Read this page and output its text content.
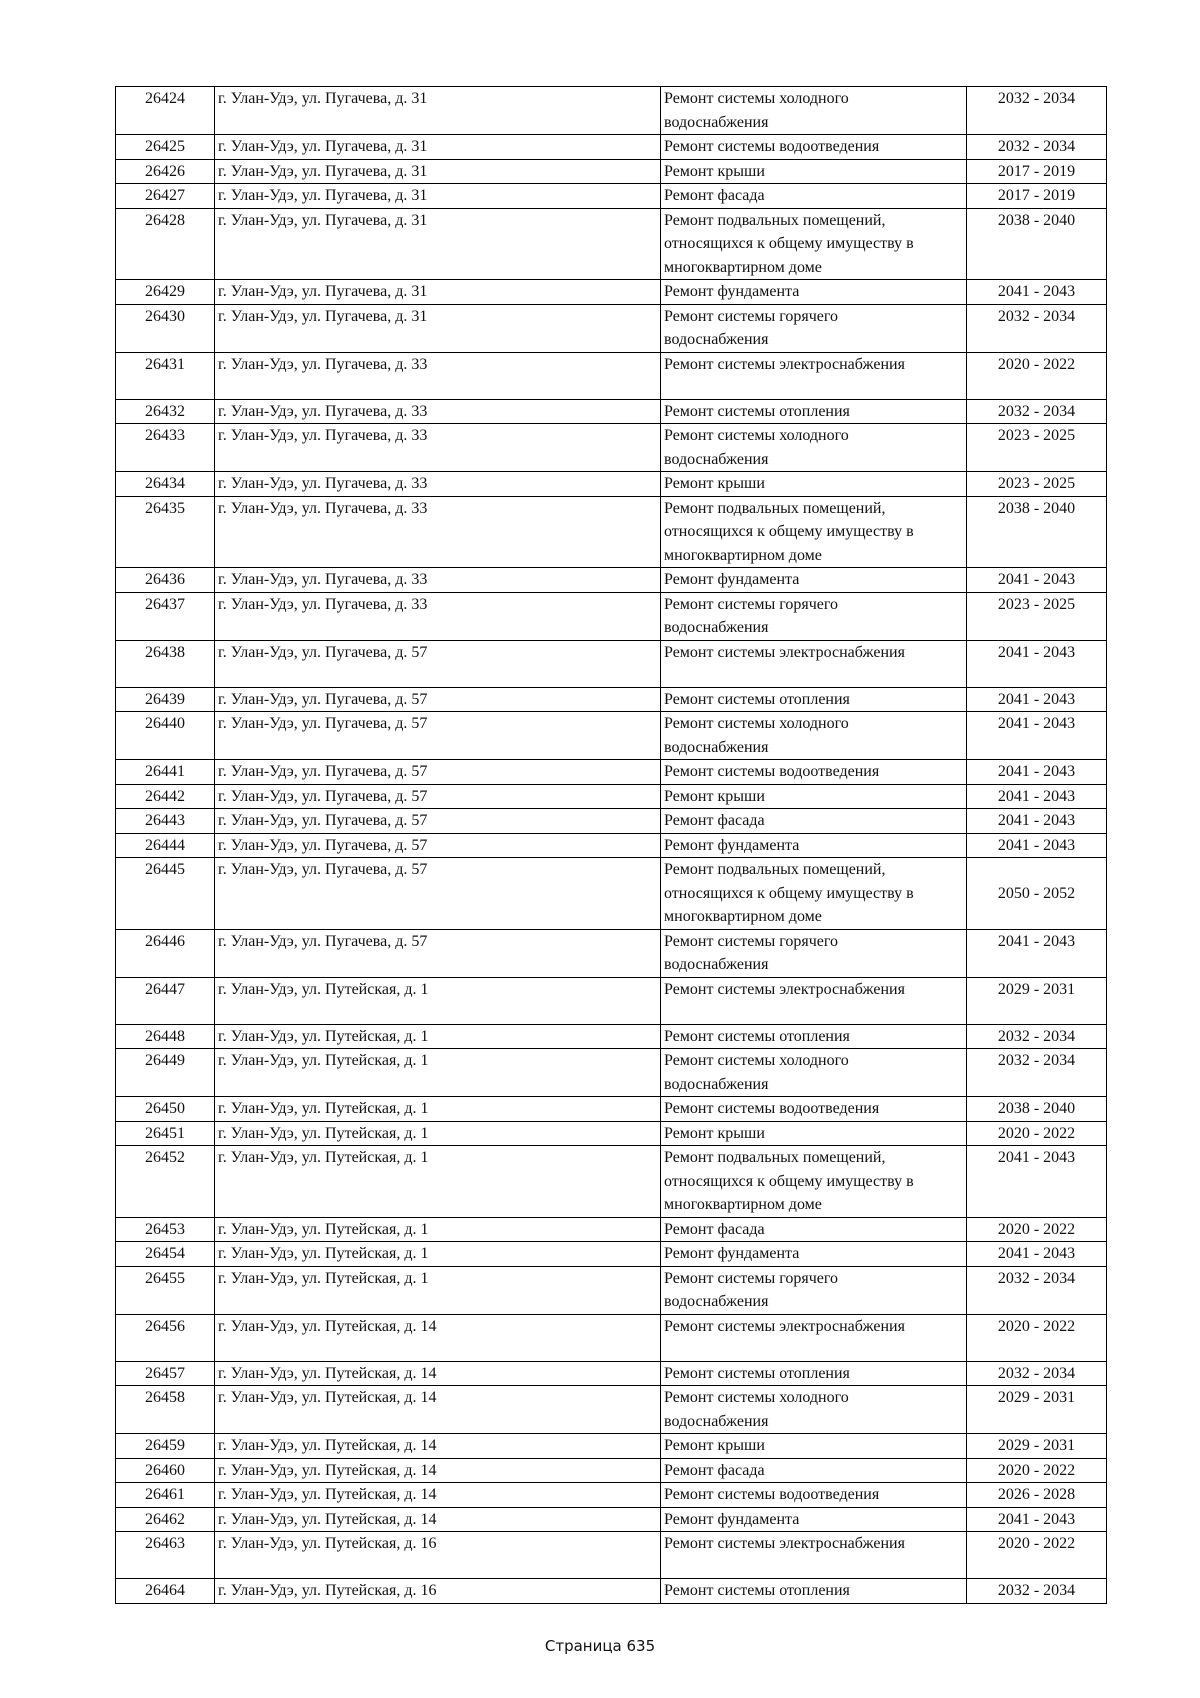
26424	г. Улан-Удэ, ул. Пугачева, д. 31	Ремонт системы холодного
водоснабжения	2032 - 2034
26425	г. Улан-Удэ, ул. Пугачева, д. 31	Ремонт системы водоотведения	2032 - 2034
26426	г. Улан-Удэ, ул. Пугачева, д. 31	Ремонт крыши	2017 - 2019
26427	г. Улан-Удэ, ул. Пугачева, д. 31	Ремонт фасада	2017 - 2019
26428	г. Улан-Удэ, ул. Пугачева, д. 31	Ремонт подвальных помещений,
относящихся к общему имуществу в
многоквартирном доме	2038 - 2040
26429	г. Улан-Удэ, ул. Пугачева, д. 31	Ремонт фундамента	2041 - 2043
26430	г. Улан-Удэ, ул. Пугачева, д. 31	Ремонт системы горячего
водоснабжения	2032 - 2034
26431	г. Улан-Удэ, ул. Пугачева, д. 33	Ремонт системы электроснабжения	2020 - 2022
26432	г. Улан-Удэ, ул. Пугачева, д. 33	Ремонт системы отопления	2032 - 2034
26433	г. Улан-Удэ, ул. Пугачева, д. 33	Ремонт системы холодного
водоснабжения	2023 - 2025
26434	г. Улан-Удэ, ул. Пугачева, д. 33	Ремонт крыши	2023 - 2025
26435	г. Улан-Удэ, ул. Пугачева, д. 33	Ремонт подвальных помещений,
относящихся к общему имуществу в
многоквартирном доме	2038 - 2040
26436	г. Улан-Удэ, ул. Пугачева, д. 33	Ремонт фундамента	2041 - 2043
26437	г. Улан-Удэ, ул. Пугачева, д. 33	Ремонт системы горячего
водоснабжения	2023 - 2025
26438	г. Улан-Удэ, ул. Пугачева, д. 57	Ремонт системы электроснабжения	2041 - 2043
26439	г. Улан-Удэ, ул. Пугачева, д. 57	Ремонт системы отопления	2041 - 2043
26440	г. Улан-Удэ, ул. Пугачева, д. 57	Ремонт системы холодного
водоснабжения	2041 - 2043
26441	г. Улан-Удэ, ул. Пугачева, д. 57	Ремонт системы водоотведения	2041 - 2043
26442	г. Улан-Удэ, ул. Пугачева, д. 57	Ремонт крыши	2041 - 2043
26443	г. Улан-Удэ, ул. Пугачева, д. 57	Ремонт фасада	2041 - 2043
26444	г. Улан-Удэ, ул. Пугачева, д. 57	Ремонт фундамента	2041 - 2043
26445	г. Улан-Удэ, ул. Пугачева, д. 57	Ремонт подвальных помещений,
относящихся к общему имуществу в
многоквартирном доме	2050 - 2052
26446	г. Улан-Удэ, ул. Пугачева, д. 57	Ремонт системы горячего
водоснабжения	2041 - 2043
26447	г. Улан-Удэ, ул. Путейская, д. 1	Ремонт системы электроснабжения	2029 - 2031
26448	г. Улан-Удэ, ул. Путейская, д. 1	Ремонт системы отопления	2032 - 2034
26449	г. Улан-Удэ, ул. Путейская, д. 1	Ремонт системы холодного
водоснабжения	2032 - 2034
26450	г. Улан-Удэ, ул. Путейская, д. 1	Ремонт системы водоотведения	2038 - 2040
26451	г. Улан-Удэ, ул. Путейская, д. 1	Ремонт крыши	2020 - 2022
26452	г. Улан-Удэ, ул. Путейская, д. 1	Ремонт подвальных помещений,
относящихся к общему имуществу в
многоквартирном доме	2041 - 2043
26453	г. Улан-Удэ, ул. Путейская, д. 1	Ремонт фасада	2020 - 2022
26454	г. Улан-Удэ, ул. Путейская, д. 1	Ремонт фундамента	2041 - 2043
26455	г. Улан-Удэ, ул. Путейская, д. 1	Ремонт системы горячего
водоснабжения	2032 - 2034
26456	г. Улан-Удэ, ул. Путейская, д. 14	Ремонт системы электроснабжения	2020 - 2022
26457	г. Улан-Удэ, ул. Путейская, д. 14	Ремонт системы отопления	2032 - 2034
26458	г. Улан-Удэ, ул. Путейская, д. 14	Ремонт системы холодного
водоснабжения	2029 - 2031
26459	г. Улан-Удэ, ул. Путейская, д. 14	Ремонт крыши	2029 - 2031
26460	г. Улан-Удэ, ул. Путейская, д. 14	Ремонт фасада	2020 - 2022
26461	г. Улан-Удэ, ул. Путейская, д. 14	Ремонт системы водоотведения	2026 - 2028
26462	г. Улан-Удэ, ул. Путейская, д. 14	Ремонт фундамента	2041 - 2043
26463	г. Улан-Удэ, ул. Путейская, д. 16	Ремонт системы электроснабжения	2020 - 2022
26464	г. Улан-Удэ, ул. Путейская, д. 16	Ремонт системы отопления	2032 - 2034
Страница 635
